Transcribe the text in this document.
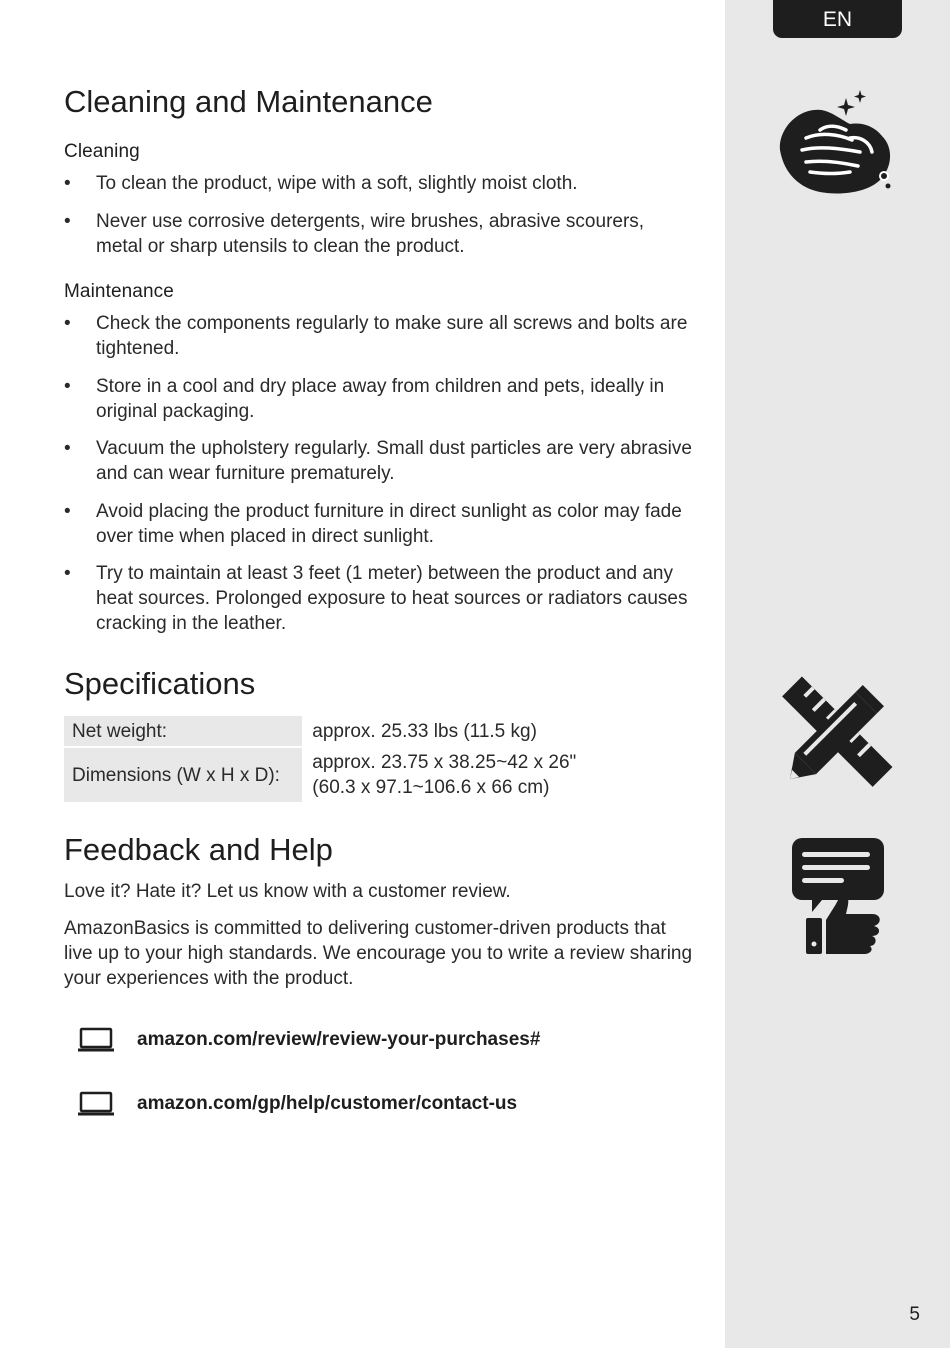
EN
5
Cleaning and Maintenance
Cleaning
• To clean the product, wipe with a soft, slightly moist cloth.
• Never use corrosive detergents, wire brushes, abrasive scourers, metal or sharp utensils to clean the product.
Maintenance
• Check the components regularly to make sure all screws and bolts are tightened.
• Store in a cool and dry place away from children and pets, ideally in original packaging.
• Vacuum the upholstery regularly. Small dust particles are very abrasive and can wear furniture prematurely.
• Avoid placing the product furniture in direct sunlight as color may fade over time when placed in direct sunlight.
• Try to maintain at least 3 feet (1 meter) between the product and any heat sources. Prolonged exposure to heat sources or radiators causes cracking in the leather.
Specifications
Net weight:	approx. 25.33 lbs (11.5 kg)
Dimensions (W x H x D):	approx. 23.75 x 38.25~42 x 26"
(60.3 x 97.1~106.6 x 66 cm)
Feedback and Help

Love it? Hate it? Let us know with a customer review.

AmazonBasics is committed to delivering customer-driven products that live up to your high standards. We encourage you to write a review sharing your experiences with the product.

amazon.com/review/review-your-purchases#
amazon.com/gp/help/customer/contact-us
